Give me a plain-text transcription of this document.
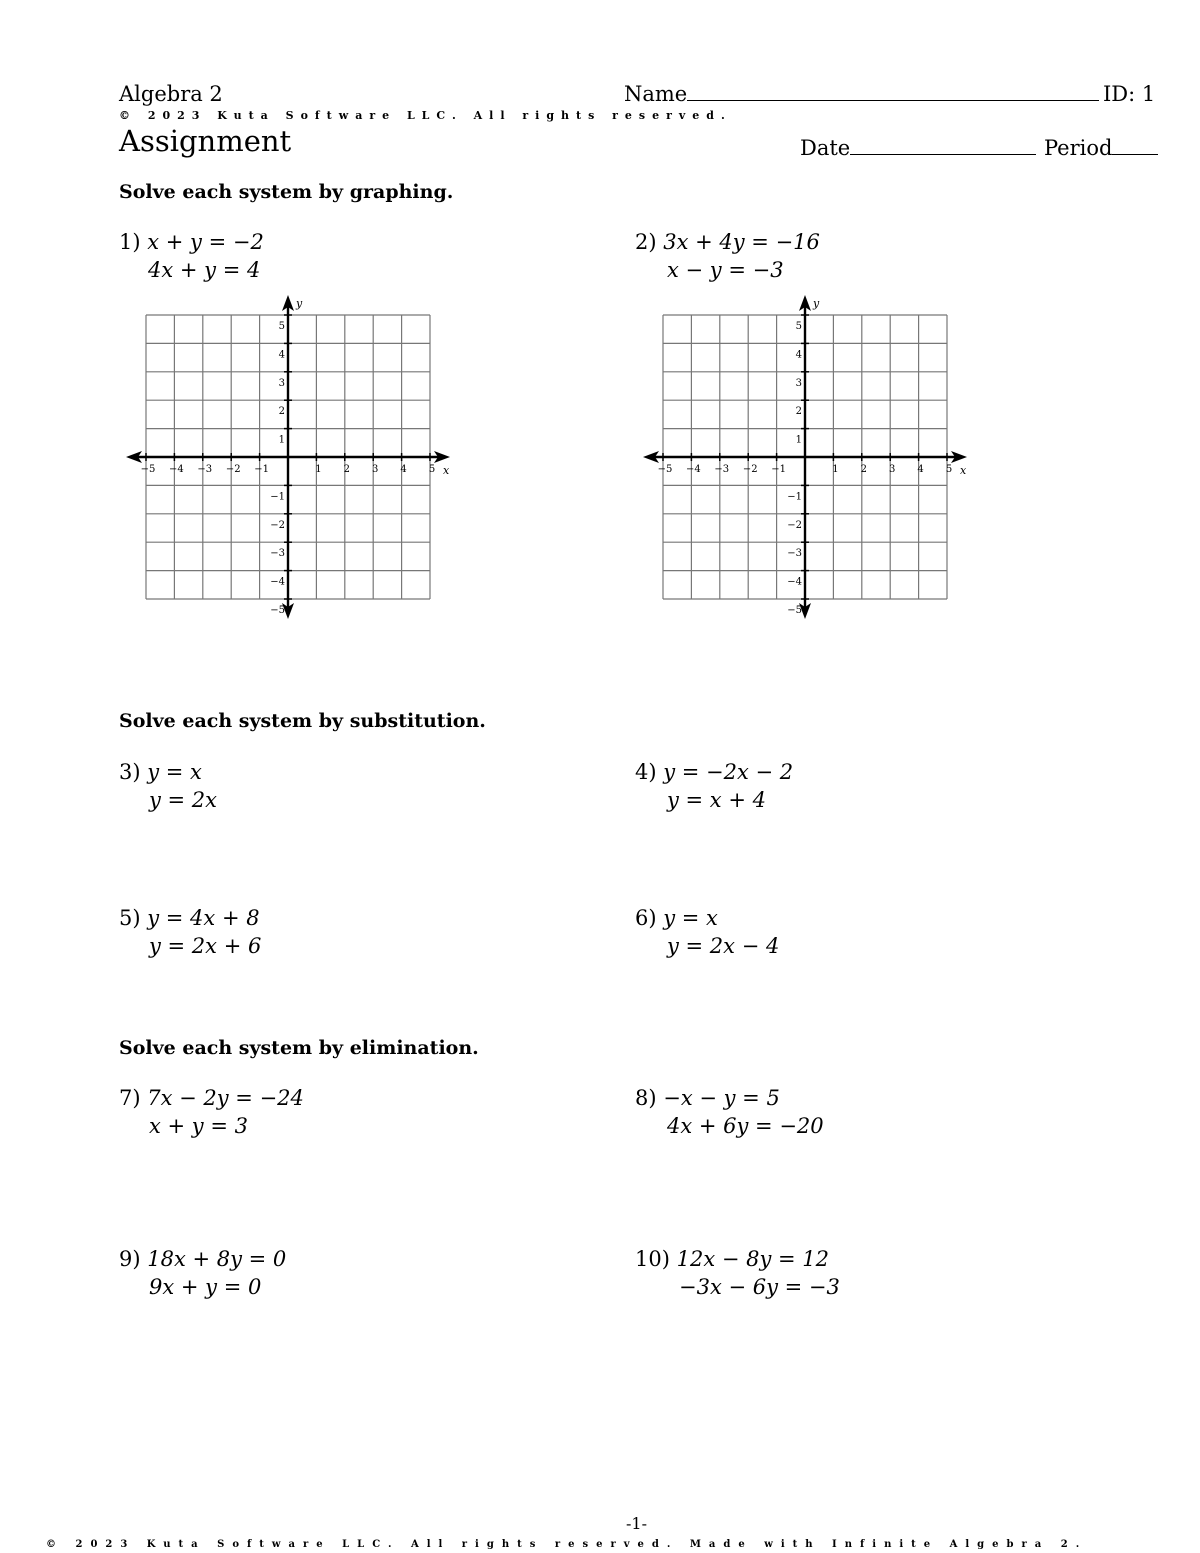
Algebra 2	Name	ID: 1
© 2023 Kuta Software LLC. All rights reserved.
Assignment	Date	Period
Solve each system by graphing.
1) x + y = −2
4x + y = 4
2) 3x + 4y = −16
x − y = −3
−5 −4 −3 −2 −1	1 2 3 4 5
5
4
3
2
1
−1
−2
−3
−4
−5
x
y
−5 −4 −3 −2 −1	1 2 3 4 5
5
4
3
2
1
−1
−2
−3
−4
−5
x
y
Solve each system by substitution.
3) y = x
y = 2x
4) y = −2x − 2
y = x + 4
5) y = 4x + 8
y = 2x + 6
6) y = x
y = 2x − 4
Solve each system by elimination.
7) 7x − 2y = −24
x + y = 3
8) −x − y = 5
4x + 6y = −20
9) 18x + 8y = 0
9x + y = 0
10) 12x − 8y = 12
−3x − 6y = −3
-1-
© 2023 Kuta Software LLC. All rights reserved. Made with Infinite Algebra 2.
